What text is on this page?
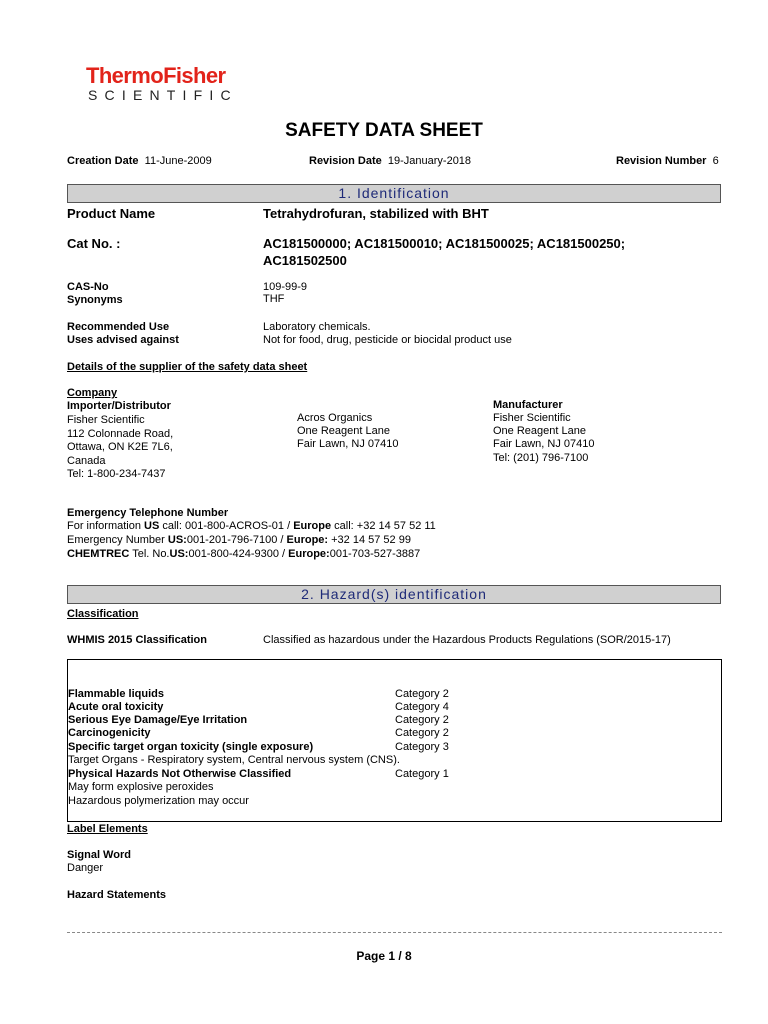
ThermoFisher
SCIENTIFIC
SAFETY DATA SHEET
Creation Date 11-June-2009	Revision Date 19-January-2018	Revision Number 6
1. Identification
Product Name	Tetrahydrofuran, stabilized with BHT
Cat No. :	AC181500000; AC181500010; AC181500025; AC181500250;
AC181502500
CAS-No	109-99-9
Synonyms	THF
Recommended Use	Laboratory chemicals.
Uses advised against	Not for food, drug, pesticide or biocidal product use
Details of the supplier of the safety data sheet
Company
Importer/Distributor
Fisher Scientific
112 Colonnade Road,
Ottawa, ON K2E 7L6,
Canada
Tel: 1-800-234-7437
Acros Organics
One Reagent Lane
Fair Lawn, NJ 07410
Manufacturer
Fisher Scientific
One Reagent Lane
Fair Lawn, NJ 07410
Tel: (201) 796-7100
Emergency Telephone Number
For information US call: 001-800-ACROS-01 / Europe call: +32 14 57 52 11
Emergency Number US:001-201-796-7100 / Europe: +32 14 57 52 99
CHEMTREC Tel. No.US:001-800-424-9300 / Europe:001-703-527-3887
2. Hazard(s) identification
Classification
WHMIS 2015 Classification	Classified as hazardous under the Hazardous Products Regulations (SOR/2015-17)
Flammable liquids	Category 2
Acute oral toxicity	Category 4
Serious Eye Damage/Eye Irritation	Category 2
Carcinogenicity	Category 2
Specific target organ toxicity (single exposure)	Category 3
Target Organs - Respiratory system, Central nervous system (CNS).
Physical Hazards Not Otherwise Classified	Category 1
May form explosive peroxides
Hazardous polymerization may occur
Label Elements
Signal Word
Danger
Hazard Statements
Page 1 / 8
